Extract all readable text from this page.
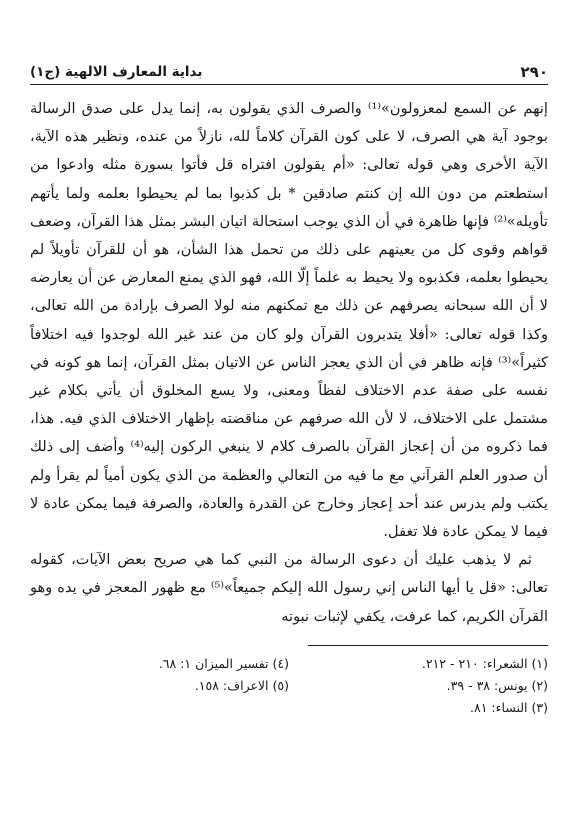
٢٩٠
بداية المعارف الالهية (ج١)

إنهم عن السمع لمعزولون»⁽¹⁾ والصرف الذي يقولون به، إنما يدل على صدق الرسالة بوجود آية هي الصرف، لا على كون القرآن كلاماً لله، نازلاً من عنده، ونظير هذه الآية، الآية الأخرى وهي قوله تعالى: «أم يقولون افتراه قل فأتوا بسورة مثله وادعوا من استطعتم من دون الله إن كنتم صادقين * بل كذبوا بما لم يحيطوا بعلمه ولما يأتهم تأويله»⁽²⁾ فإنها ظاهرة في أن الذي يوجب استحالة اتيان البشر بمثل هذا القرآن، وضعف قواهم وقوى كل من يعينهم على ذلك من تحمل هذا الشأن، هو أن للقرآن تأويلاً لم يحيطوا بعلمه، فكذبوه ولا يحيط به علماً إلّا الله، فهو الذي يمنع المعارض عن أن يعارضه لا أن الله سبحانه يصرفهم عن ذلك مع تمكنهم منه لولا الصرف بإرادة من الله تعالى، وكذا قوله تعالى: «أفلا يتدبرون القرآن ولو كان من عند غير الله لوجدوا فيه اختلافاً كثيراً»⁽³⁾ فإنه ظاهر في أن الذي يعجز الناس عن الاتيان بمثل القرآن، إنما هو كونه في نفسه على صفة عدم الاختلاف لفظاً ومعنى، ولا يسع المخلوق أن يأتي بكلام غير مشتمل على الاختلاف، لا لأن الله صرفهم عن مناقضته بإظهار الاختلاف الذي فيه. هذا، فما ذكروه من أن إعجاز القرآن بالصرف كلام لا ينبغي الركون إليه⁽⁴⁾ وأضف إلى ذلك أن صدور العلم القرآني مع ما فيه من التعالي والعظمة من الذي يكون أمياً لم يقرأ ولم يكتب ولم يدرس عند أحد إعجاز وخارج عن القدرة والعادة، والصرفة فيما يمكن عادة لا فيما لا يمكن عادة فلا تغفل.

ثم لا يذهب عليك أن دعوى الرسالة من النبي كما هي صريح بعض الآيات، كقوله تعالى: «قل يا أيها الناس إني رسول الله إليكم جميعاً»⁽⁵⁾ مع ظهور المعجز في يده وهو القرآن الكريم، كما عرفت، يكفي لإثبات نبوته

(١) الشعراء: ٢١٠ - ٢١٢.
(٢) يونس: ٣٨ - ٣٩.
(٣) النساء: ٨١.
(٤) تفسير الميزان ١: ٦٨.
(٥) الاعراف: ١٥٨.
